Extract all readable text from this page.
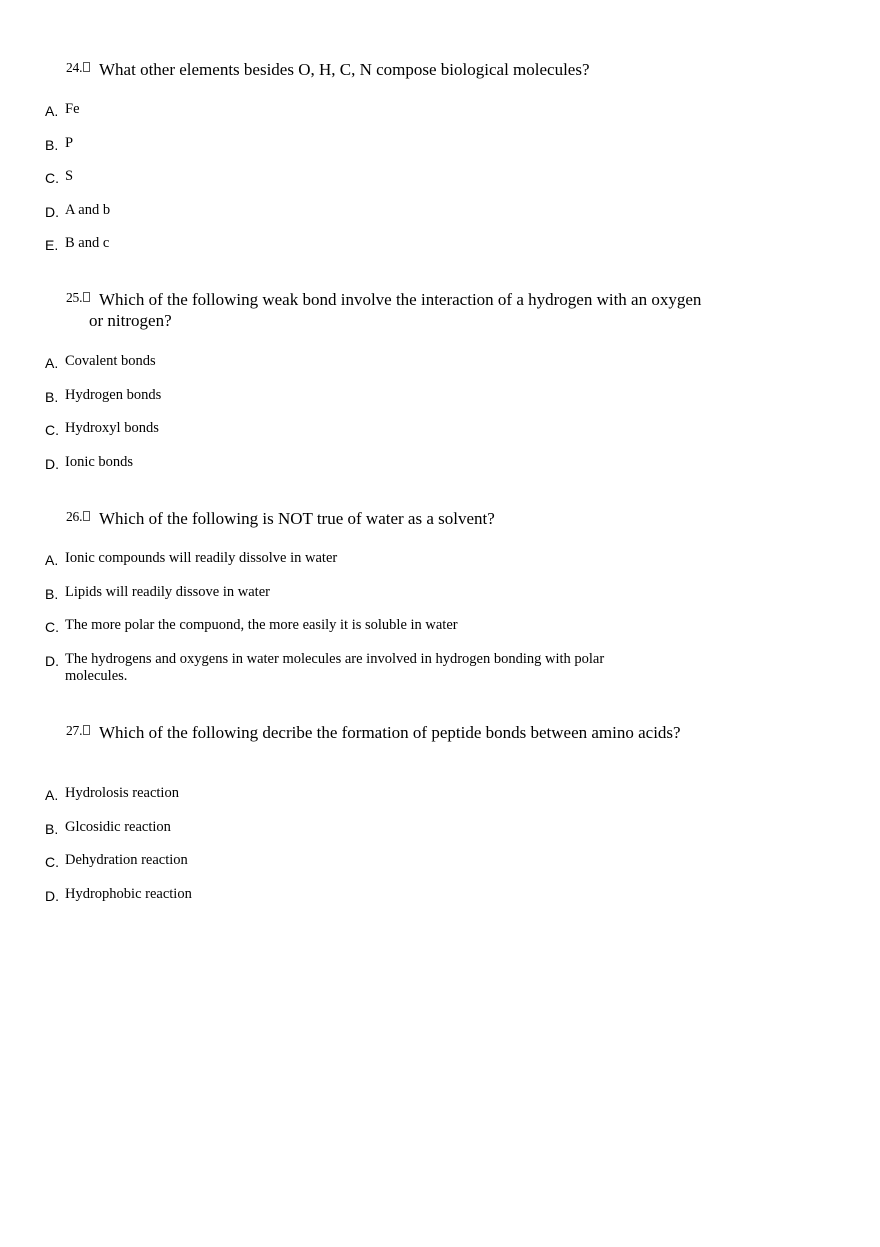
24. What other elements besides O, H, C, N compose biological molecules?
A. Fe
B. P
C. S
D. A and b
E. B and c
25. Which of the following weak bond involve the interaction of a hydrogen with an oxygen or nitrogen?
A. Covalent bonds
B. Hydrogen bonds
C. Hydroxyl bonds
D. Ionic bonds
26. Which of the following is NOT true of water as a solvent?
A. Ionic compounds will readily dissolve in water
B. Lipids will readily dissove in water
C. The more polar the compuond, the more easily it is soluble in water
D. The hydrogens and oxygens in water molecules are involved in hydrogen bonding with polar molecules.
27. Which of the following decribe the formation of peptide bonds between amino acids?
A. Hydrolosis reaction
B. Glcosidic reaction
C. Dehydration reaction
D. Hydrophobic reaction
